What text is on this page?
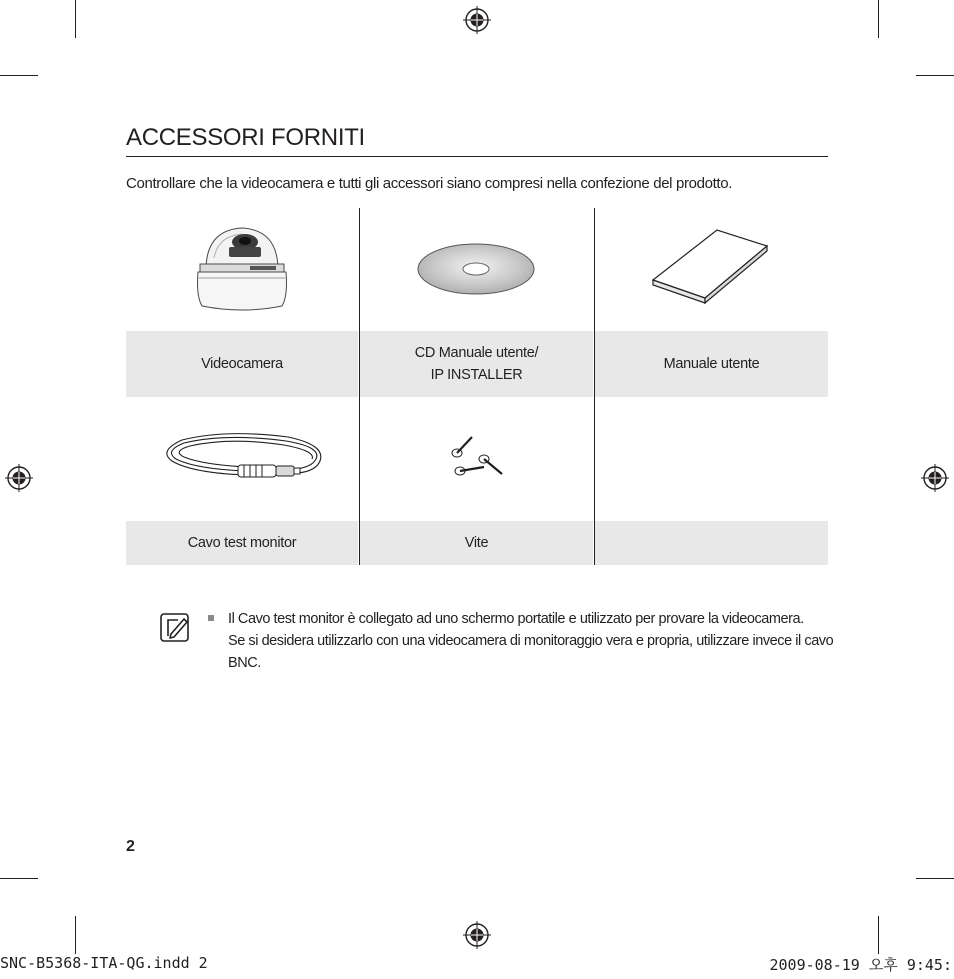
ACCESSORI FORNITI
Controllare che la videocamera e tutti gli accessori siano compresi nella confezione del prodotto.
Videocamera
CD Manuale utente/
IP INSTALLER
Manuale utente
Cavo test monitor	Vite
Il Cavo test monitor è collegato ad uno schermo portatile e utilizzato per provare la videocamera.
Se si desidera utilizzarlo con una videocamera di monitoraggio vera e propria, utilizzare invece il cavo
BNC.
2
SNC-B5368-ITA-QG.indd 2	2009-08-19 오후 9:45:
